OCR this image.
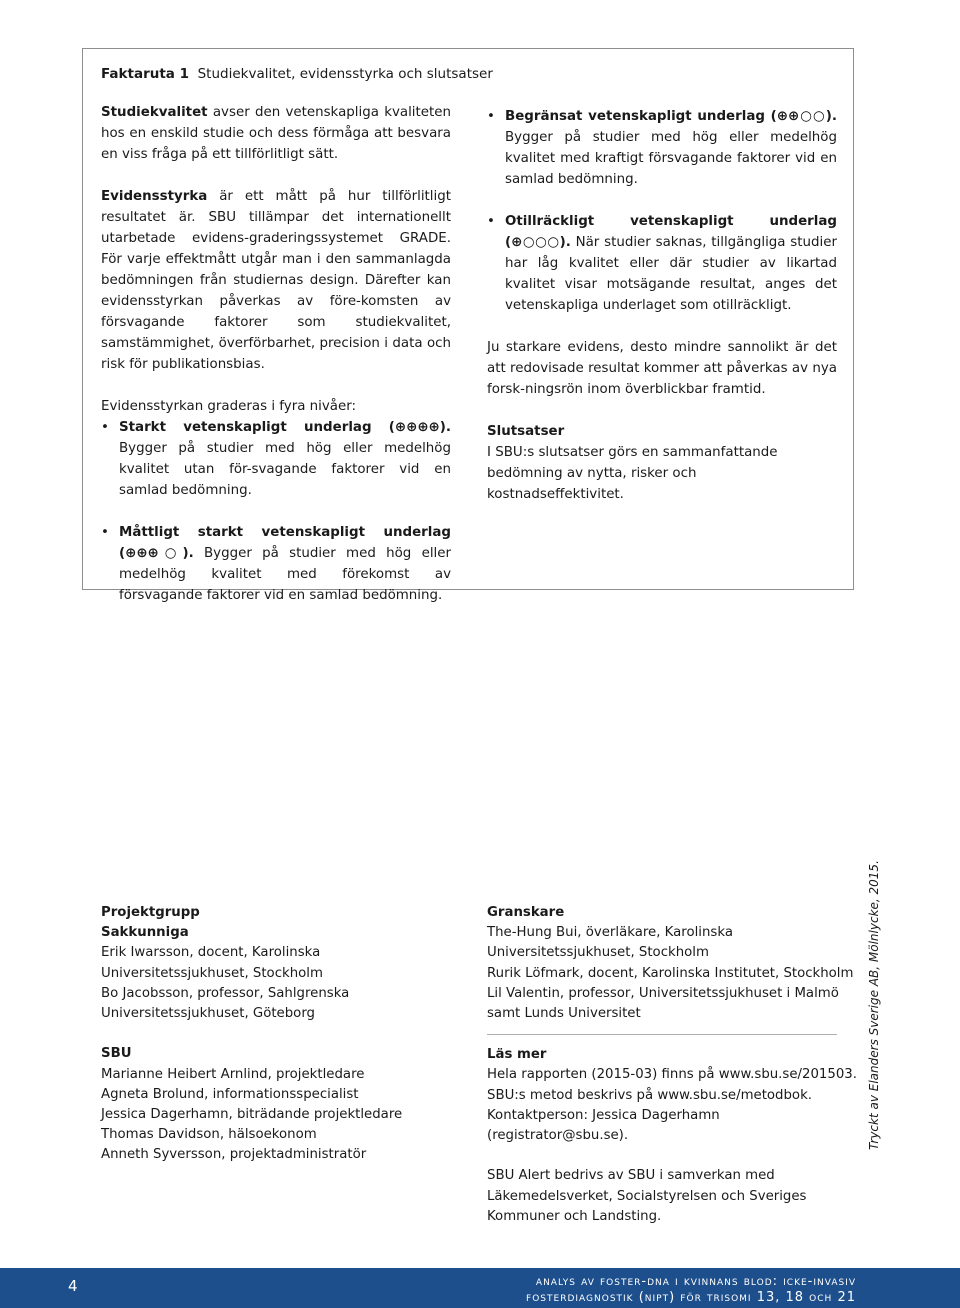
Faktaruta 1 Studiekvalitet, evidensstyrka och slutsatser

Studiekvalitet avser den vetenskapliga kvaliteten hos en enskild studie och dess förmåga att besvara en viss fråga på ett tillförlitligt sätt.

Evidensstyrka är ett mått på hur tillförlitligt resultatet är. SBU tillämpar det internationellt utarbetade evidens-graderingssystemet GRADE. För varje effektmått utgår man i den sammanlagda bedömningen från studiernas design. Därefter kan evidensstyrkan påverkas av före-komsten av försvagande faktorer som studiekvalitet, samstämmighet, överförbarhet, precision i data och risk för publikationsbias.

Evidensstyrkan graderas i fyra nivåer:

• Starkt vetenskapligt underlag (⊕⊕⊕⊕). Bygger på studier med hög eller medelhög kvalitet utan för-svagande faktorer vid en samlad bedömning.
• Måttligt starkt vetenskapligt underlag (⊕⊕⊕○). Bygger på studier med hög eller medelhög kvalitet med förekomst av försvagande faktorer vid en samlad bedömning.
• Begränsat vetenskapligt underlag (⊕⊕○○). Bygger på studier med hög eller medelhög kvalitet med kraftigt försvagande faktorer vid en samlad bedömning.
• Otillräckligt vetenskapligt underlag (⊕○○○). När studier saknas, tillgängliga studier har låg kvalitet eller där studier av likartad kvalitet visar motsägande resultat, anges det vetenskapliga underlaget som otillräckligt.

Ju starkare evidens, desto mindre sannolikt är det att redovisade resultat kommer att påverkas av nya forsk-ningsrön inom överblickbar framtid.

Slutsatser

I SBU:s slutsatser görs en sammanfattande bedömning av nytta, risker och kostnadseffektivitet.

Projektgrupp

Sakkunniga

Erik Iwarsson, docent, Karolinska

Universitetssjukhuset, Stockholm

Bo Jacobsson, professor, Sahlgrenska

Universitetssjukhuset, Göteborg

SBU

Marianne Heibert Arnlind, projektledare

Agneta Brolund, informationsspecialist

Jessica Dagerhamn, biträdande projektledare

Thomas Davidson, hälsoekonom

Anneth Syversson, projektadministratör

Granskare

The-Hung Bui, överläkare, Karolinska

Universitetssjukhuset, Stockholm

Rurik Löfmark, docent, Karolinska Institutet, Stockholm

Lil Valentin, professor, Universitetssjukhuset i Malmö

samt Lunds Universitet

Läs mer

Hela rapporten (2015-03) finns på www.sbu.se/201503.

SBU:s metod beskrivs på www.sbu.se/metodbok.

Kontaktperson: Jessica Dagerhamn (registrator@sbu.se).

SBU Alert bedrivs av SBU i samverkan med

Läkemedelsverket, Socialstyrelsen och Sveriges

Kommuner och Landsting.

Tryckt av Elanders Sverige AB, Mölnlycke, 2015.
4	analys av foster-dna i kvinnans blod: icke-invasiv
fosterdiagnostik (nipt) för trisomi 13, 18 och 21
